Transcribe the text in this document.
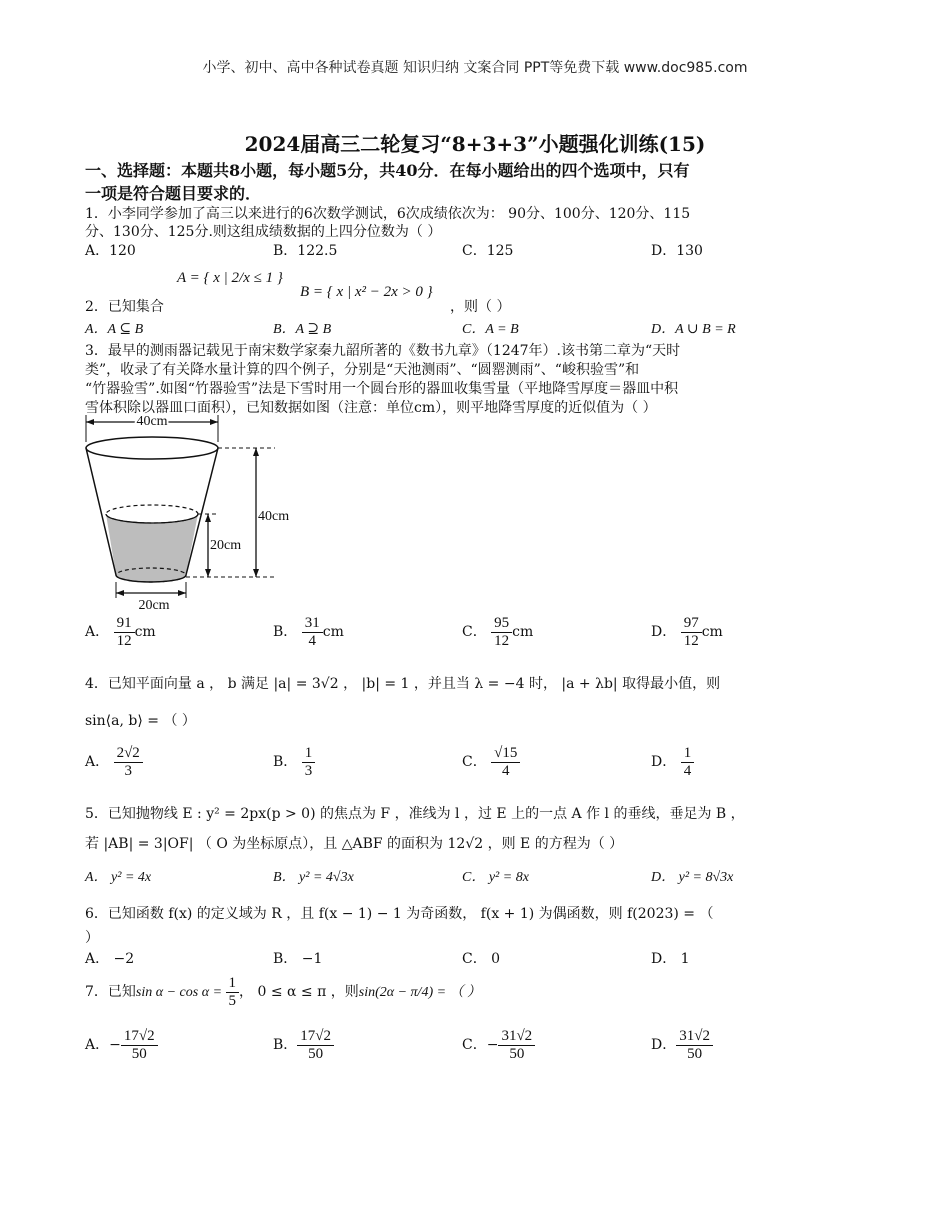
小学、初中、高中各种试卷真题 知识归纳 文案合同 PPT等免费下载 www.doc985.com
2024届高三二轮复习“8+3+3”小题强化训练(15)
一、选择题：本题共8小题，每小题5分，共40分．在每小题给出的四个选项中，只有
一项是符合题目要求的．
1．小李同学参加了高三以来进行的6次数学测试，6次成绩依次为： 90分、100分、120分、115
分、130分、125分.则这组成绩数据的上四分位数为（ ）
A．120	B．122.5	C．125	D．130
2．已知集合
A = { x | 2/x ≤ 1 }
B = { x | x² − 2x > 0 }
，则（ ）
A．A ⊆ B	B．A ⊇ B	C．A = B	D．A ∪ B = R
3．最早的测雨器记载见于南宋数学家秦九韶所著的《数书九章》（1247年）.该书第二章为“天时
类”，收录了有关降水量计算的四个例子，分别是“天池测雨”、“圆罂测雨”、“峻积验雪”和
“竹器验雪”.如图“竹器验雪”法是下雪时用一个圆台形的器皿收集雪量（平地降雪厚度＝器皿中积
雪体积除以器皿口面积），已知数据如图（注意：单位cm），则平地降雪厚度的近似值为（ ）
40cm
20cm
40cm
20cm
A． $\frac{91}{12}$ cm	B． $\frac{31}{4}$ cm	C． $\frac{95}{12}$ cm	D． $\frac{97}{12}$ cm
4．已知平面向量 a ， b 满足 |a| = 3√2 ， |b| = 1 ，并且当 λ = −4 时， |a + λb| 取得最小值，则
sin⟨a, b⟩ = （ ）
A． $\frac{2√2}{3}$	B． $\frac{1}{3}$	C． $\frac{√15}{4}$	D． $\frac{1}{4}$
5．已知抛物线 E : y² = 2px(p > 0) 的焦点为 F ，准线为 l ，过 E 上的一点 A 作 l 的垂线，垂足为 B ，
若 |AB| = 3|OF| （ O 为坐标原点），且 △ABF 的面积为 12√2 ，则 E 的方程为（ ）
A． y² = 4x	B． y² = 4√3x	C． y² = 8x	D． y² = 8√3x
6．已知函数 f(x) 的定义域为 R ，且 f(x − 1) − 1 为奇函数， f(x + 1) 为偶函数，则 f(2023) = （
）
A． −2	B． −1	C． 0	D． 1
7．已知$\sin \alpha - \cos \alpha = \frac{1}{5}$ ， 0 ≤ α ≤ π ，则sin(2α − π/4) = （ ）
A．− $\frac{17√2}{50}$	B． $\frac{17√2}{50}$	C．− $\frac{31√2}{50}$	D． $\frac{31√2}{50}$
